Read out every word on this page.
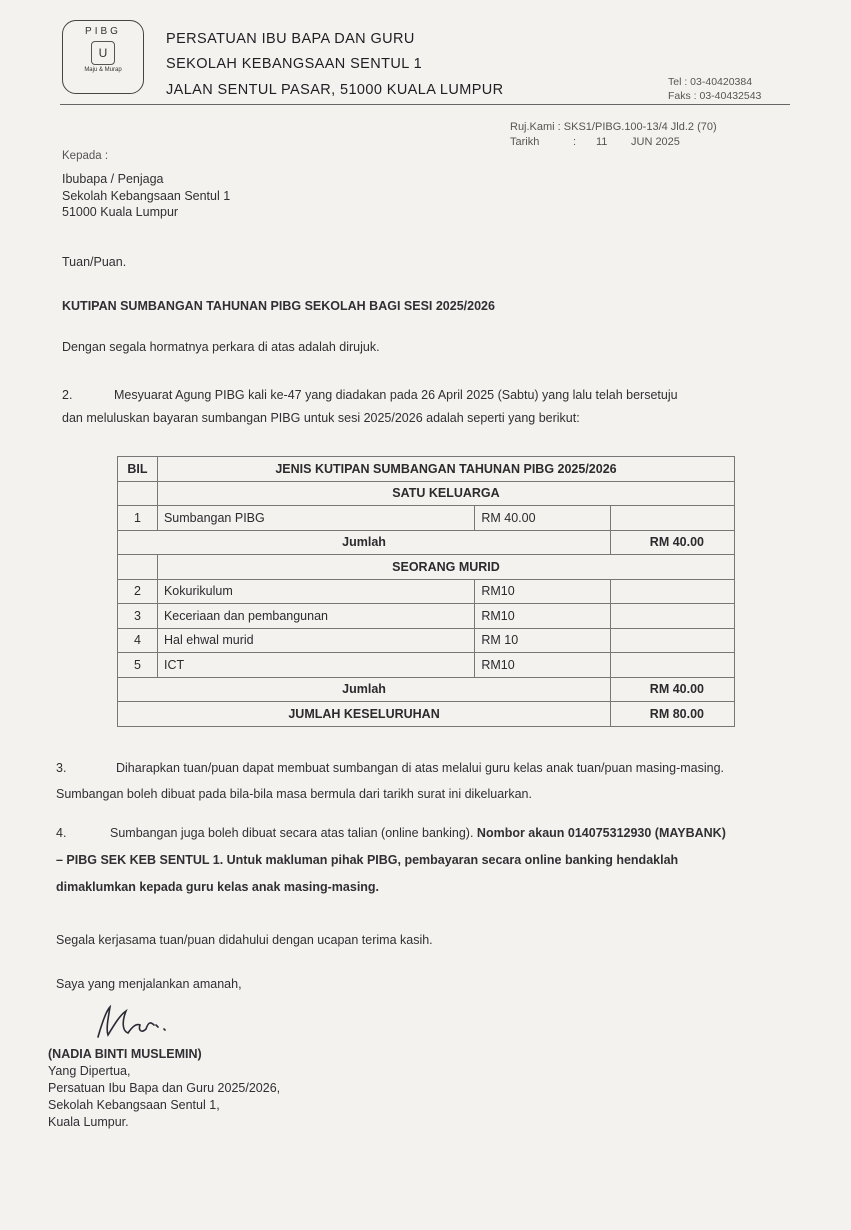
PIBG
U
Maju & Murap
PERSATUAN IBU BAPA DAN GURU
SEKOLAH KEBANGSAAN SENTUL 1
JALAN SENTUL PASAR, 51000 KUALA LUMPUR	Tel : 03-40420384
Faks : 03-40432543
Ruj.Kami : SKS1/PIBG.100-13/4 Jld.2 (70)
Tarikh	: 11 JUN 2025
Kepada :
Ibubapa / Penjaga
Sekolah Kebangsaan Sentul 1
51000 Kuala Lumpur
Tuan/Puan.
KUTIPAN SUMBANGAN TAHUNAN PIBG SEKOLAH BAGI SESI 2025/2026
Dengan segala hormatnya perkara di atas adalah dirujuk.
2.	Mesyuarat Agung PIBG kali ke-47 yang diadakan pada 26 April 2025 (Sabtu) yang lalu telah bersetuju
dan meluluskan bayaran sumbangan PIBG untuk sesi 2025/2026 adalah seperti yang berikut:
BIL	JENIS KUTIPAN SUMBANGAN TAHUNAN PIBG 2025/2026		
	SATU KELUARGA		
1	Sumbangan PIBG	RM 40.00	
Jumlah			RM 40.00
	SEORANG MURID		
2	Kokurikulum	RM10	
3	Keceriaan dan pembangunan	RM10	
4	Hal ehwal murid	RM 10	
5	ICT	RM10	
Jumlah			RM 40.00
JUMLAH KESELURUHAN			RM 80.00
3.	Diharapkan tuan/puan dapat membuat sumbangan di atas melalui guru kelas anak tuan/puan masing-masing.
Sumbangan boleh dibuat pada bila-bila masa bermula dari tarikh surat ini dikeluarkan.
4.	Sumbangan juga boleh dibuat secara atas talian (online banking). Nombor akaun 014075312930 (MAYBANK)
– PIBG SEK KEB SENTUL 1. Untuk makluman pihak PIBG, pembayaran secara online banking hendaklah
dimaklumkan kepada guru kelas anak masing-masing.
Segala kerjasama tuan/puan didahului dengan ucapan terima kasih.
Saya yang menjalankan amanah,
(NADIA BINTI MUSLEMIN)
Yang Dipertua,
Persatuan Ibu Bapa dan Guru 2025/2026,
Sekolah Kebangsaan Sentul 1,
Kuala Lumpur.
